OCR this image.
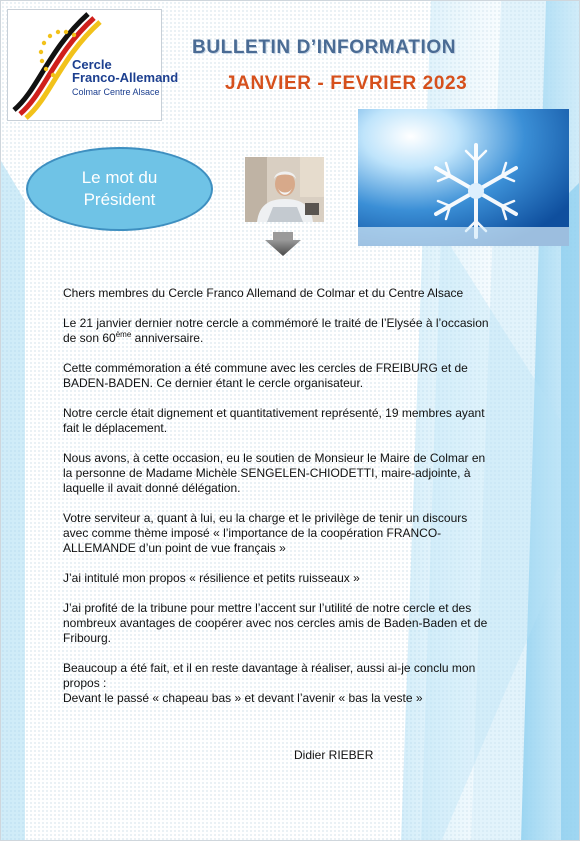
Cercle
Franco-Allemand
Colmar Centre Alsace
BULLETIN D’INFORMATION
JANVIER - FEVRIER 2023
Le mot du
Président

Chers membres du Cercle Franco Allemand de Colmar et du Centre Alsace

Le 21 janvier dernier notre cercle a commémoré le traité de l’Elysée à l’occasion de son 60ème anniversaire.

Cette commémoration a été commune avec les cercles de FREIBURG et de BADEN-BADEN. Ce dernier étant le cercle organisateur.

Notre cercle était dignement et quantitativement représenté, 19 membres ayant fait le déplacement.

Nous avons, à cette occasion, eu le soutien de Monsieur le Maire de Colmar en la personne de Madame Michèle SENGELEN-CHIODETTI, maire-adjointe, à laquelle il avait donné délégation.

Votre serviteur a, quant à lui, eu la charge et le privilège de tenir un discours avec comme thème imposé « l’importance de la coopération FRANCO-ALLEMANDE d’un point de vue français »

J’ai intitulé mon propos « résilience et petits ruisseaux »

J’ai profité de la tribune pour mettre l’accent sur l’utilité de notre cercle et des nombreux avantages de coopérer avec nos cercles amis de Baden-Baden et de Fribourg.

Beaucoup a été fait, et il en reste davantage à réaliser, aussi ai-je conclu mon propos :
Devant le passé « chapeau bas » et devant l’avenir « bas la veste »

Didier RIEBER
